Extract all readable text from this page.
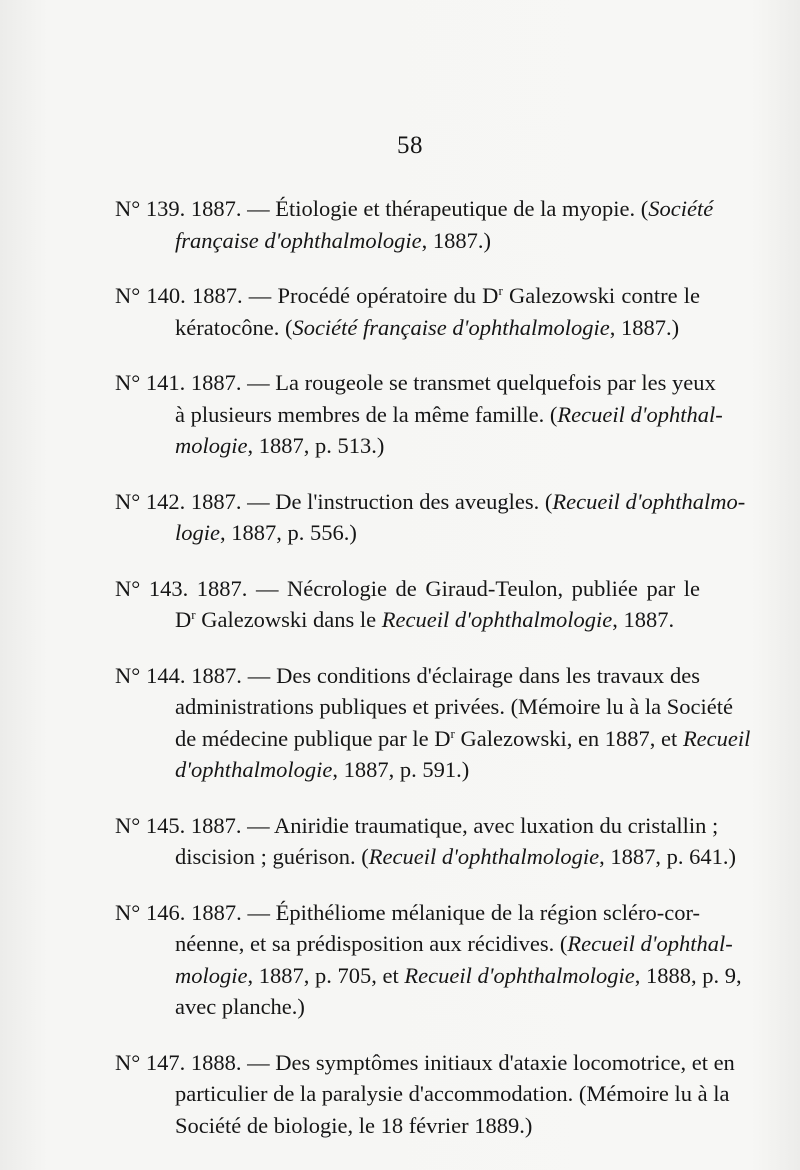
58
N° 139. 1887. — Étiologie et thérapeutique de la myopie. (Société
française d'ophthalmologie, 1887.)
N° 140. 1887. — Procédé opératoire du $D^r$ Galezowski contre le
kératocône. (Société française d'ophthalmologie, 1887.)
N° 141. 1887. — La rougeole se transmet quelquefois par les yeux
à plusieurs membres de la même famille. (Recueil d'ophthal-
mologie, 1887, p. 513.)
N° 142. 1887. — De l'instruction des aveugles. (Recueil d'ophthalmo-
logie, 1887, p. 556.)
N° 143. 1887. — Nécrologie de Giraud-Teulon, publiée par le
$D^r$ Galezowski dans le Recueil d'ophthalmologie, 1887.
N° 144. 1887. — Des conditions d'éclairage dans les travaux des
administrations publiques et privées. (Mémoire lu à la Société
de médecine publique par le $D^r$ Galezowski, en 1887, et Recueil
d'ophthalmologie, 1887, p. 591.)
N° 145. 1887. — Aniridie traumatique, avec luxation du cristallin ;
discision ; guérison. (Recueil d'ophthalmologie, 1887, p. 641.)
N° 146. 1887. — Épithéliome mélanique de la région scléro-cor-
néenne, et sa prédisposition aux récidives. (Recueil d'ophthal-
mologie, 1887, p. 705, et Recueil d'ophthalmologie, 1888, p. 9,
avec planche.)
N° 147. 1888. — Des symptômes initiaux d'ataxie locomotrice, et en
particulier de la paralysie d'accommodation. (Mémoire lu à la
Société de biologie, le 18 février 1889.)
